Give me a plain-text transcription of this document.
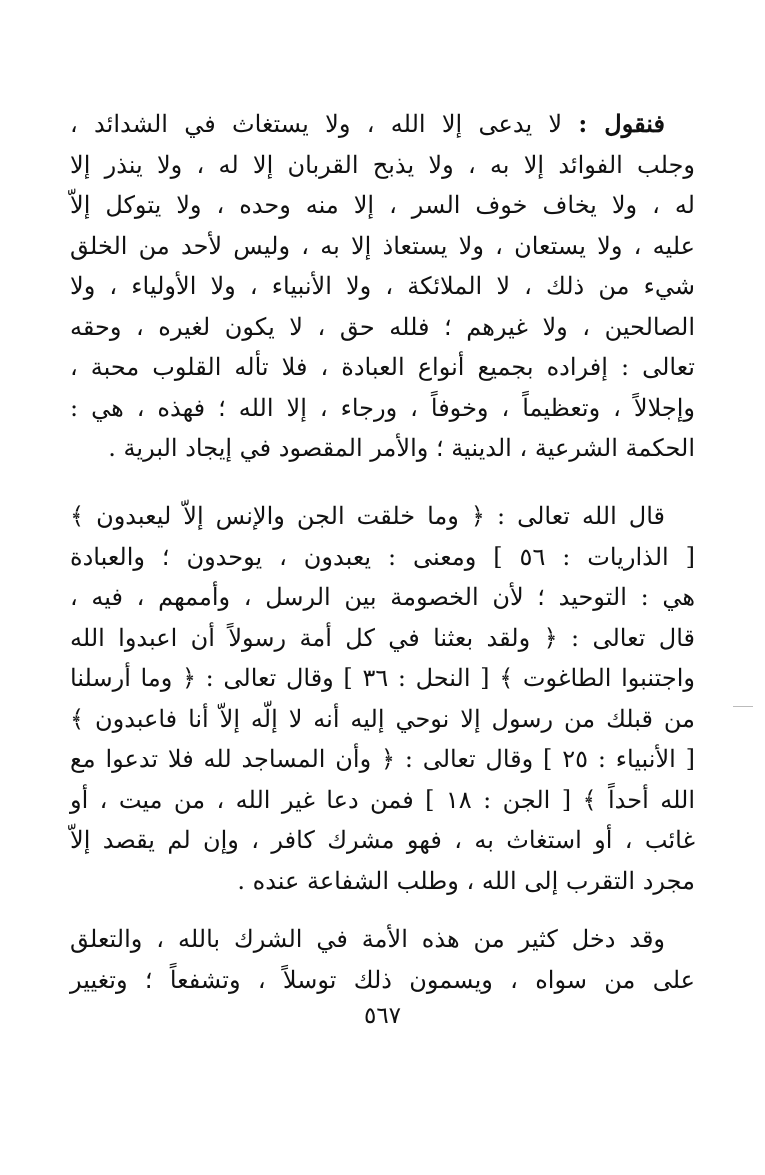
فنقول : لا يدعى إلا الله ، ولا يستغاث في الشدائد ،
وجلب الفوائد إلا به ، ولا يذبح القربان إلا له ، ولا ينذر إلا
له ، ولا يخاف خوف السر ، إلا منه وحده ، ولا يتوكل إلاّ
عليه ، ولا يستعان ، ولا يستعاذ إلا به ، وليس لأحد من الخلق
شيء من ذلك ، لا الملائكة ، ولا الأنبياء ، ولا الأولياء ، ولا
الصالحين ، ولا غيرهم ؛ فلله حق ، لا يكون لغيره ، وحقه
تعالى : إفراده بجميع أنواع العبادة ، فلا تأله القلوب محبة ،
وإجلالاً ، وتعظيماً ، وخوفاً ، ورجاء ، إلا الله ؛ فهذه ، هي :
الحكمة الشرعية ، الدينية ؛ والأمر المقصود في إيجاد البرية .
قال الله تعالى : ﴿ وما خلقت الجن والإنس إلاّ ليعبدون ﴾
[ الذاريات : ٥٦ ] ومعنى : يعبدون ، يوحدون ؛ والعبادة
هي : التوحيد ؛ لأن الخصومة بين الرسل ، وأممهم ، فيه ،
قال تعالى : ﴿ ولقد بعثنا في كل أمة رسولاً أن اعبدوا الله
واجتنبوا الطاغوت ﴾ [ النحل : ٣٦ ] وقال تعالى : ﴿ وما أرسلنا
من قبلك من رسول إلا نوحي إليه أنه لا إلّه إلاّ أنا فاعبدون ﴾
[ الأنبياء : ٢٥ ] وقال تعالى : ﴿ وأن المساجد لله فلا تدعوا مع
الله أحداً ﴾ [ الجن : ١٨ ] فمن دعا غير الله ، من ميت ، أو
غائب ، أو استغاث به ، فهو مشرك كافر ، وإن لم يقصد إلاّ
مجرد التقرب إلى الله ، وطلب الشفاعة عنده .
وقد دخل كثير من هذه الأمة في الشرك بالله ، والتعلق
على من سواه ، ويسمون ذلك توسلاً ، وتشفعاً ؛ وتغيير
٥٦٧
